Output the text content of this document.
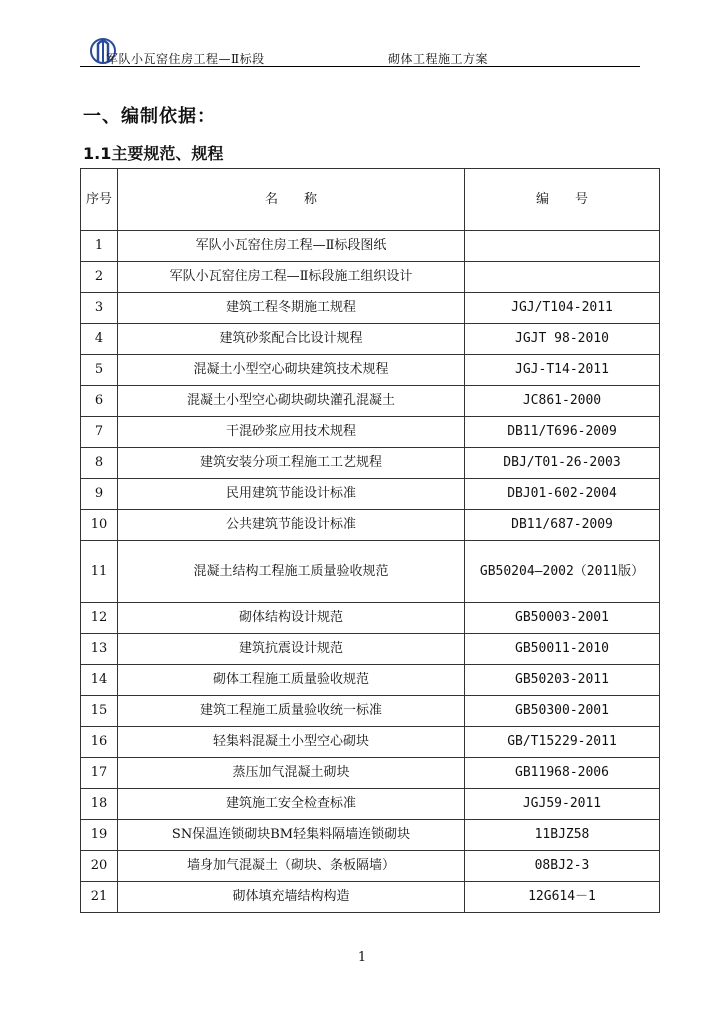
军队小瓦窑住房工程—Ⅱ标段	砌体工程施工方案
一、编制依据：
1.1主要规范、规程
序号	名　　称	编　　号
1	军队小瓦窑住房工程—Ⅱ标段图纸	
2	军队小瓦窑住房工程—Ⅱ标段施工组织设计	
3	建筑工程冬期施工规程	JGJ/T104-2011
4	建筑砂浆配合比设计规程	JGJT 98-2010
5	混凝土小型空心砌块建筑技术规程	JGJ-T14-2011
6	混凝土小型空心砌块砌块灌孔混凝土	JC861-2000
7	干混砂浆应用技术规程	DB11/T696-2009
8	建筑安装分项工程施工工艺规程	DBJ/T01-26-2003
9	民用建筑节能设计标准	DBJ01-602-2004
10	公共建筑节能设计标准	DB11/687-2009
11	混凝土结构工程施工质量验收规范	GB50204—2002（2011版）
12	砌体结构设计规范	GB50003-2001
13	建筑抗震设计规范	GB50011-2010
14	砌体工程施工质量验收规范	GB50203-2011
15	建筑工程施工质量验收统一标准	GB50300-2001
16	轻集料混凝土小型空心砌块	GB/T15229-2011
17	蒸压加气混凝土砌块	GB11968-2006
18	建筑施工安全检查标准	JGJ59-2011
19	SN保温连锁砌块BM轻集料隔墙连锁砌块	11BJZ58
20	墙身加气混凝土（砌块、条板隔墙）	08BJ2-3
21	砌体填充墙结构构造	12G614－1
1
